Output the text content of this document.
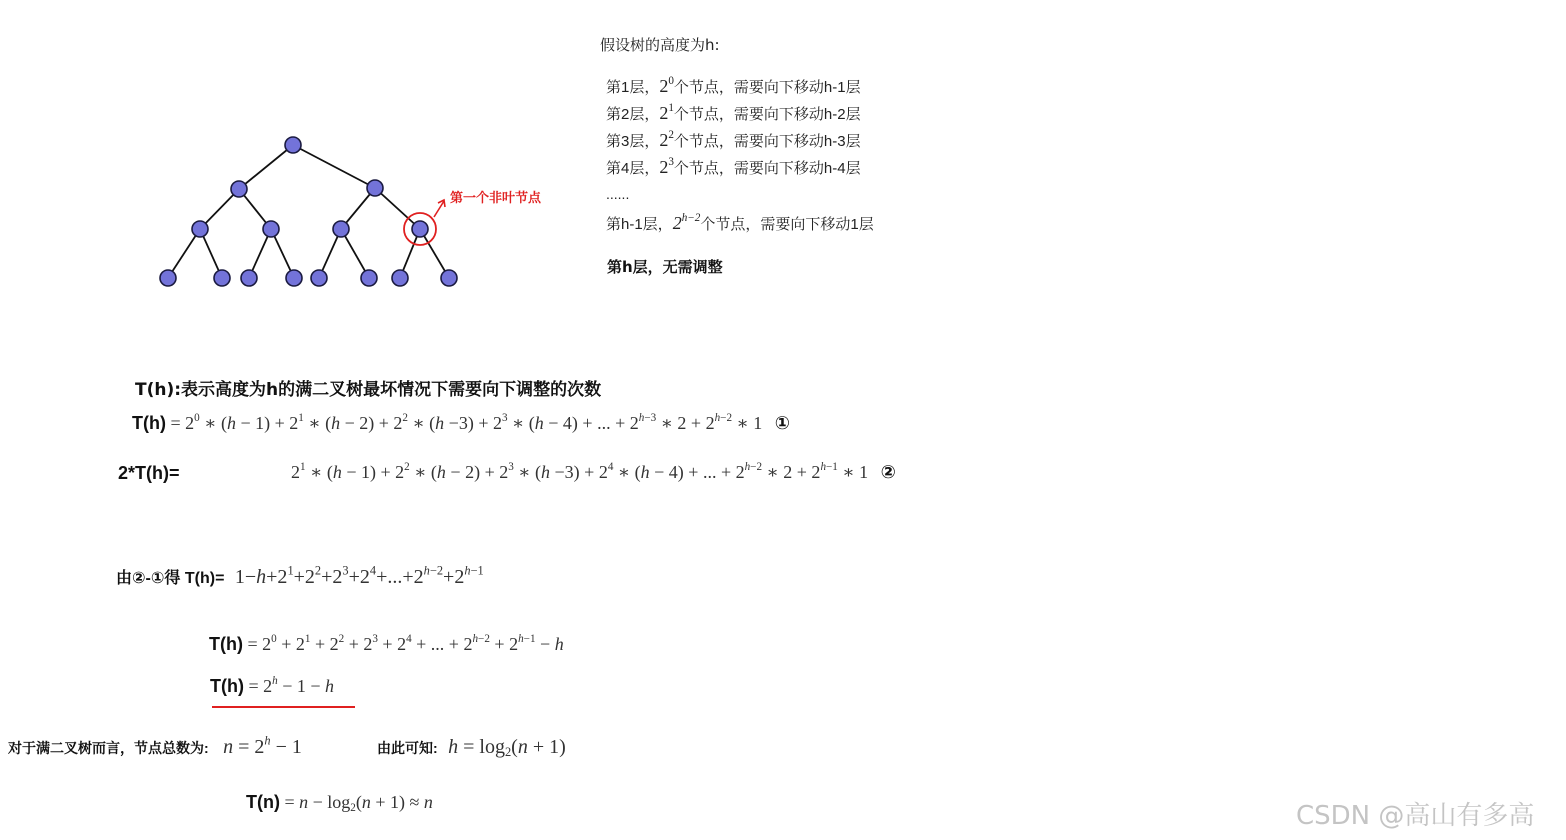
第一个非叶节点
假设树的高度为h:
第1层，$2^0$个节点，需要向下移动h-1层
第2层，$2^1$个节点，需要向下移动h-2层
第3层，$2^2$个节点，需要向下移动h-3层
第4层，$2^3$个节点，需要向下移动h-4层
......
第h-1层，$2^{h-2}$个节点，需要向下移动1层
第h层，无需调整
T(h):表示高度为h的满二叉树最坏情况下需要向下调整的次数
$T(h) = 2^0$ ∗ $(h - 1) + 2^1$ ∗ $(h - 2) + 2^2$ ∗ $(h -3) + 2^3$ ∗ (h − 4) + ... + $2^{h-3}$ ∗ $2 + 2^{h-2}$ ∗ 1 ①
2*T(h)=	$2^1$ ∗ $(h - 1) + 2^2$ ∗ $(h - 2) + 2^3$ ∗ $(h -3) + 2^4$ ∗ (h − 4) + ... + $2^{h-2}$ ∗ $2 + 2^{h-1}$ ∗ 1 ②
由②-①得 $T(h)= 1-h+2^1+2^2+2^3+2^4+...+2^{h-2}+2^{h-1}$
$T(h) = 2^0 + 2^1 + 2^2 + 2^3 + 2^4$ + ... + $2^{h-2} + 2^{h-1} - h$
$T(h) = 2^h - 1 - h$
对于满二叉树而言，节点总数为: $n = 2^h - 1$	由此可知: $h = \log_2(n + 1)$
$T(n) = n - \log_2(n + 1) \approx n$	CSDN @高山有多高
